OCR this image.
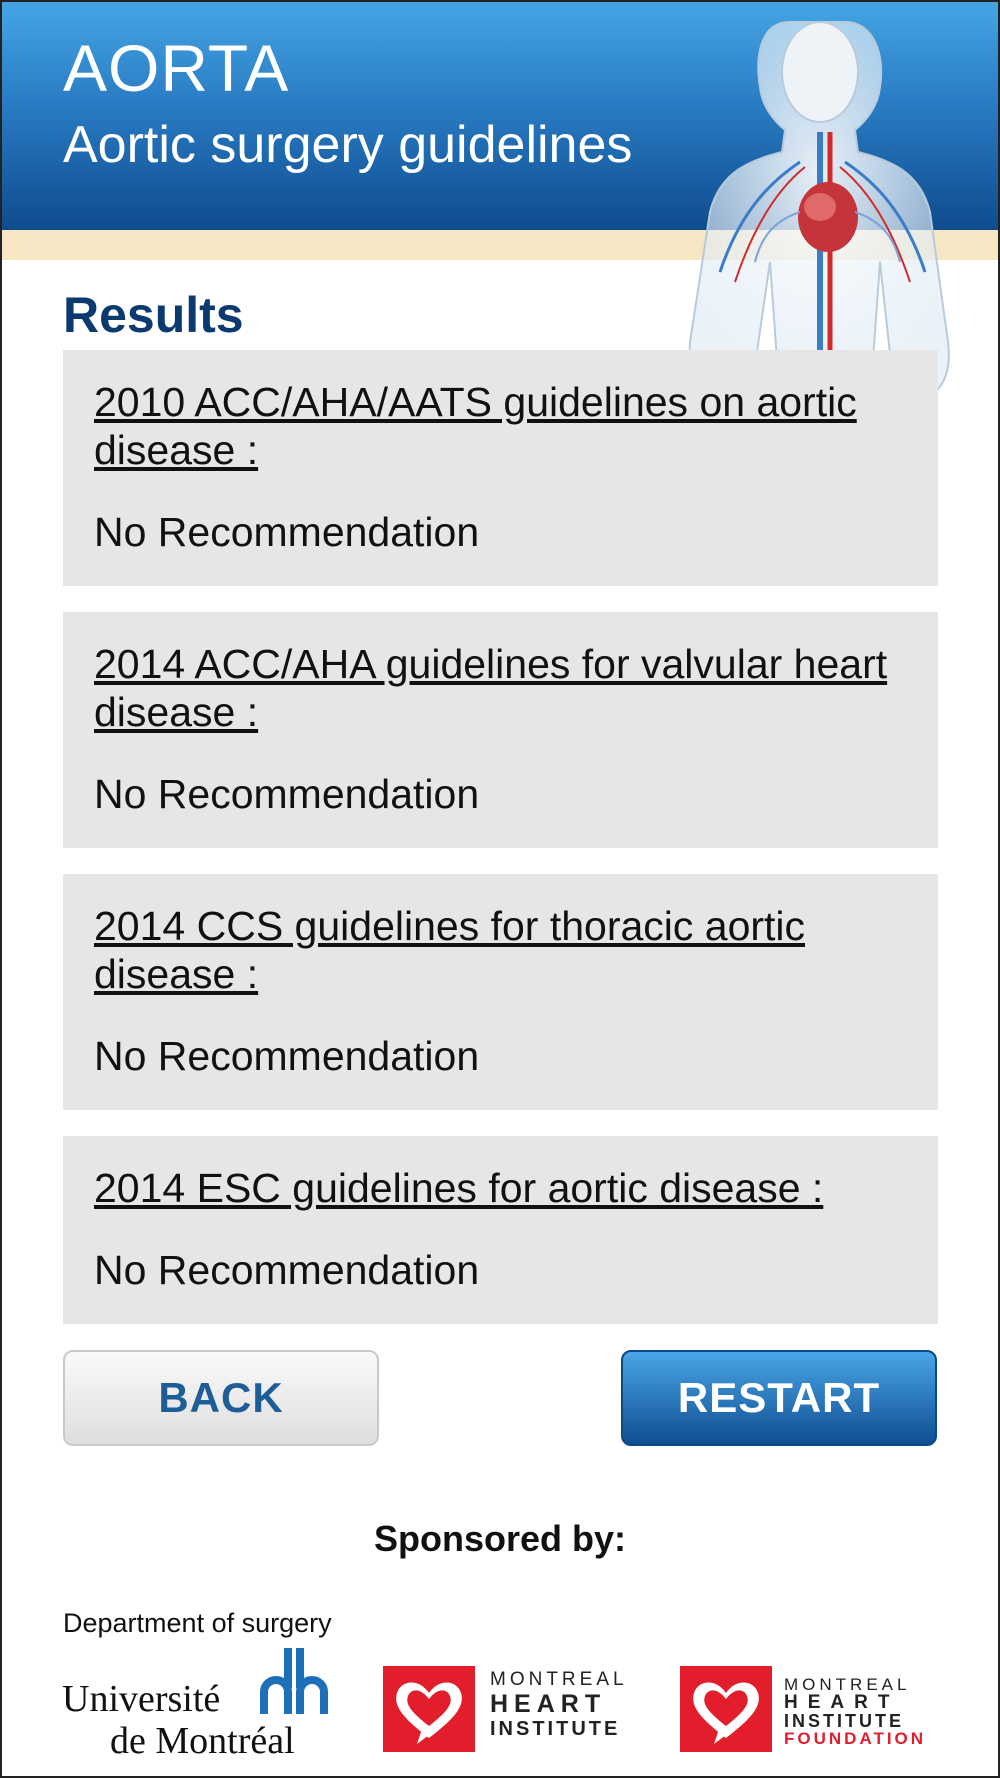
AORTA
Aortic surgery guidelines
Results
2010 ACC/AHA/AATS guidelines on aortic disease :
No Recommendation
2014 ACC/AHA guidelines for valvular heart disease :
No Recommendation
2014 CCS guidelines for thoracic aortic disease :
No Recommendation
2014 ESC guidelines for aortic disease :
No Recommendation
BACK	RESTART
Sponsored by:
Department of surgery
Université
de Montréal
MONTREAL
HEART
INSTITUTE
MONTREAL
HEART
INSTITUTE
FOUNDATION
